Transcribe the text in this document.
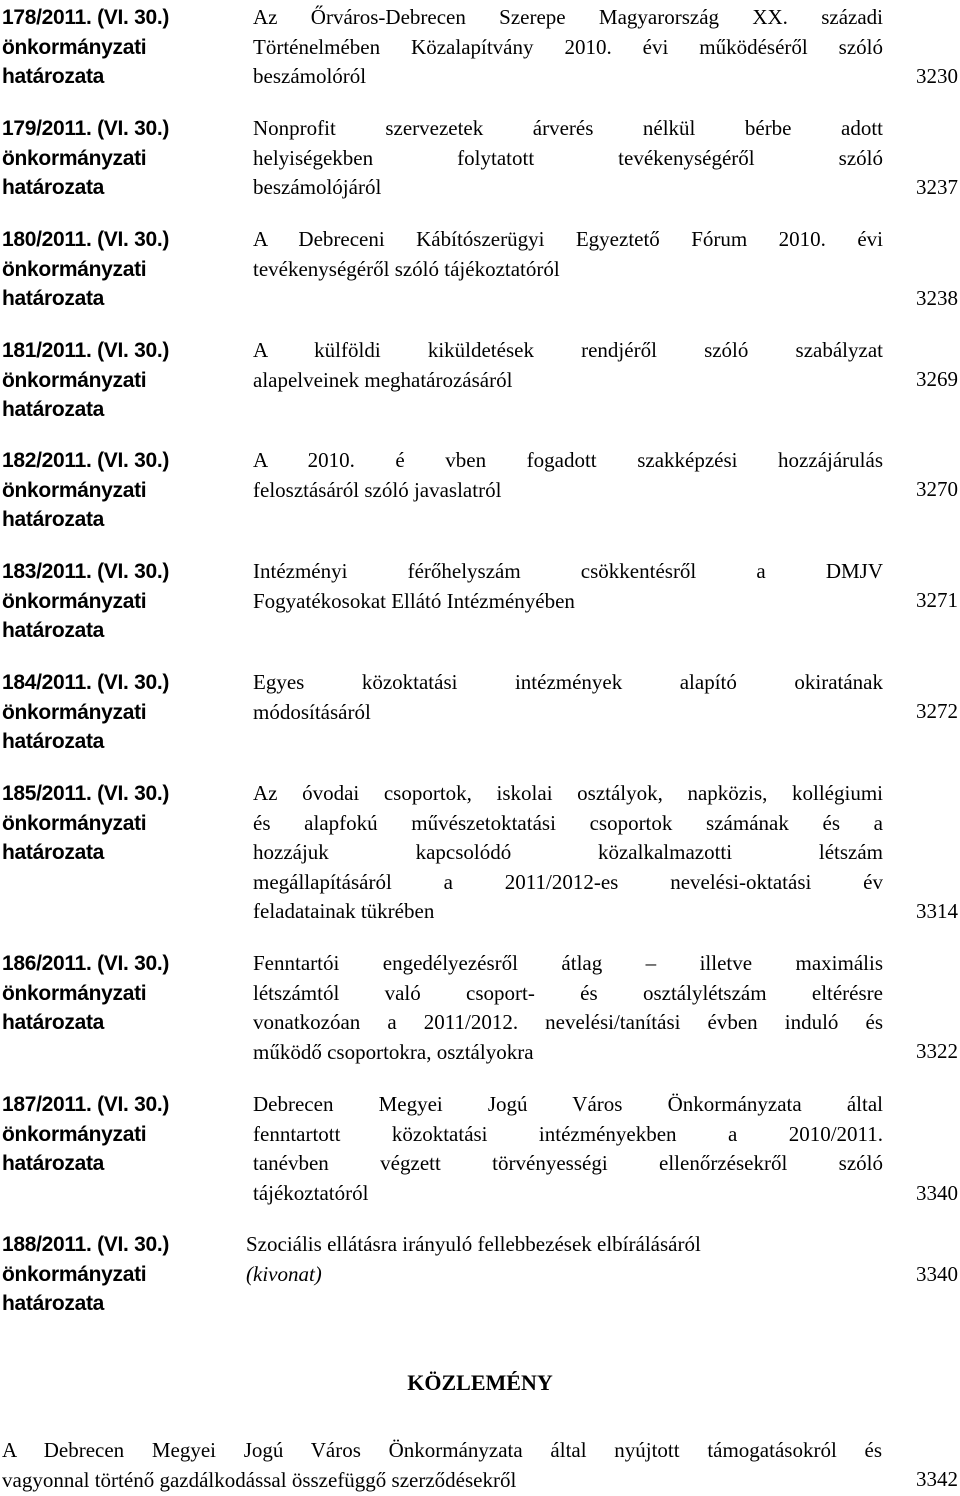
178/2011. (VI. 30.)
önkormányzati
határozata
Az Őrváros-Debrecen Szerepe Magyarország XX. századi
Történelmében Közalapítvány 2010. évi működéséről szóló
beszámolóról	3230
179/2011. (VI. 30.)
önkormányzati
határozata
Nonprofit szervezetek árverés nélkül bérbe adott
helyiségekben folytatott tevékenységéről szóló
beszámolójáról	3237
180/2011. (VI. 30.)
önkormányzati
határozata
A Debreceni Kábítószerügyi Egyeztető Fórum 2010. évi
tevékenységéről szóló tájékoztatóról
3238
181/2011. (VI. 30.)
önkormányzati
határozata
A külföldi kiküldetések rendjéről szóló szabályzat
alapelveinek meghatározásáról	3269
182/2011. (VI. 30.)
önkormányzati
határozata
A 2010. é vben fogadott szakképzési hozzájárulás
felosztásáról szóló javaslatról	3270
183/2011. (VI. 30.)
önkormányzati
határozata
Intézményi férőhelyszám csökkentésről a DMJV
Fogyatékosokat Ellátó Intézményében	3271
184/2011. (VI. 30.)
önkormányzati
határozata
Egyes közoktatási intézmények alapító okiratának
módosításáról	3272
185/2011. (VI. 30.)
önkormányzati
határozata
Az óvodai csoportok, iskolai osztályok, napközis, kollégiumi
és alapfokú művészetoktatási csoportok számának és a
hozzájuk kapcsolódó közalkalmazotti létszám
megállapításáról a 2011/2012-es nevelési-oktatási év
feladatainak tükrében	3314
186/2011. (VI. 30.)
önkormányzati
határozata
Fenntartói engedélyezésről átlag – illetve maximális
létszámtól való csoport- és osztálylétszám eltérésre
vonatkozóan a 2011/2012. nevelési/tanítási évben induló és
működő csoportokra, osztályokra	3322
187/2011. (VI. 30.)
önkormányzati
határozata
Debrecen Megyei Jogú Város Önkormányzata által
fenntartott közoktatási intézményekben a 2010/2011.
tanévben végzett törvényességi ellenőrzésekről szóló
tájékoztatóról	3340
188/2011. (VI. 30.)
önkormányzati
határozata
Szociális ellátásra irányuló fellebbezések elbírálásáról
(kivonat)	3340
KÖZLEMÉNY
A Debrecen Megyei Jogú Város Önkormányzata által nyújtott támogatásokról és
vagyonnal történő gazdálkodással összefüggő szerződésekről	3342
